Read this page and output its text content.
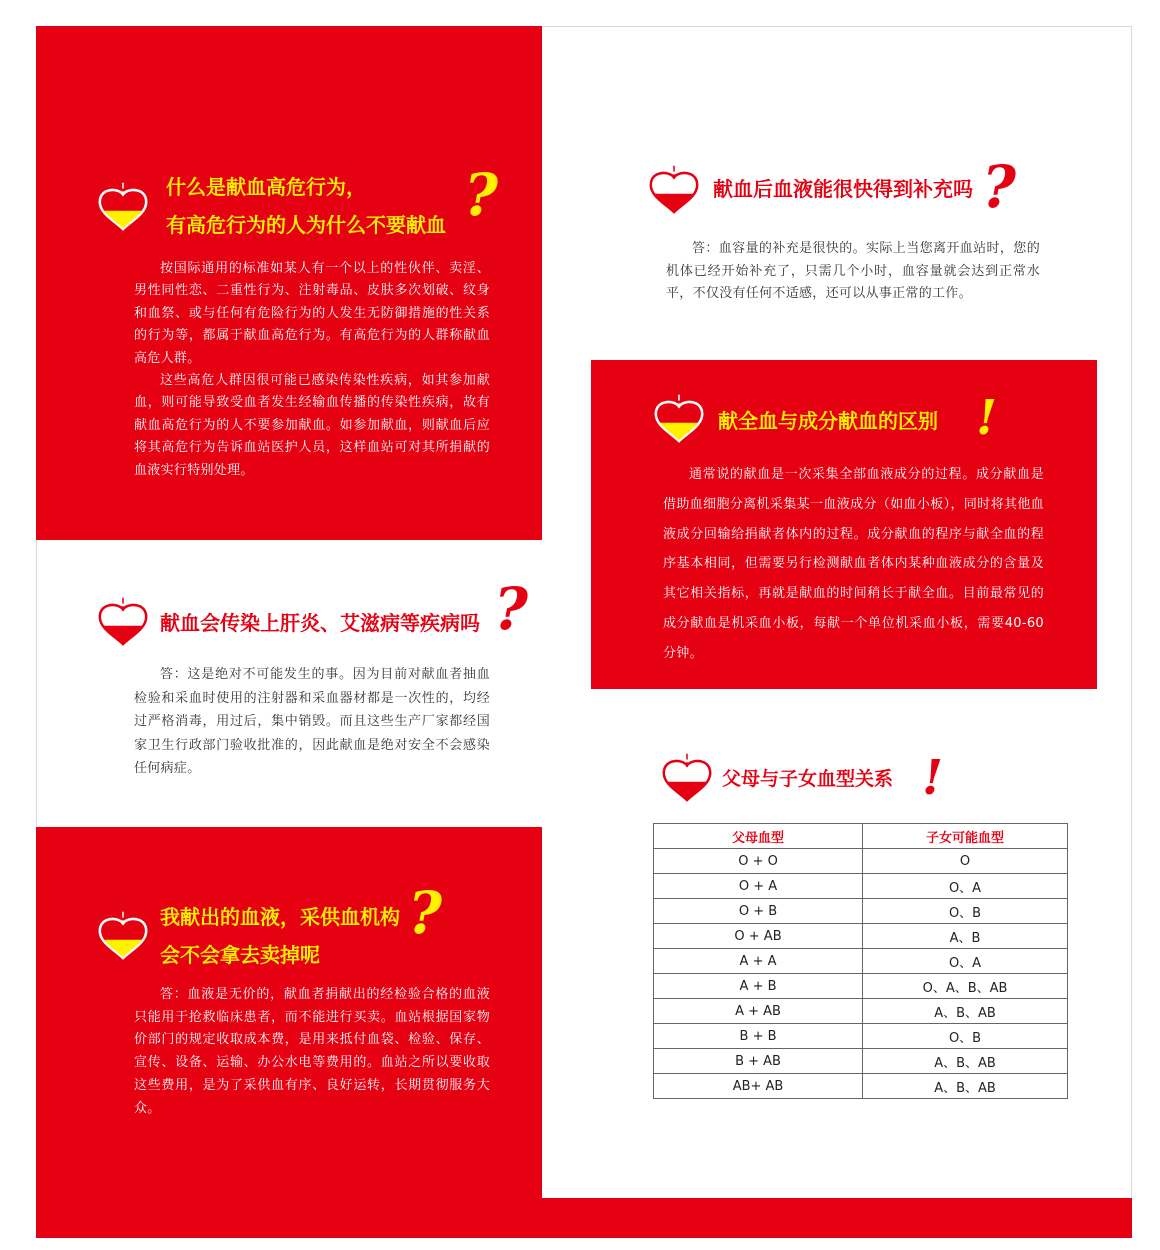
什么是献血高危行为，
有高危行为的人为什么不要献血 ?

按国际通用的标准如某人有一个以上的性伙伴、卖淫、男性同性恋、二重性行为、注射毒品、皮肤多次划破、纹身和血祭、或与任何有危险行为的人发生无防御措施的性关系的行为等，都属于献血高危行为。有高危行为的人群称献血高危人群。

这些高危人群因很可能已感染传染性疾病，如其参加献血，则可能导致受血者发生经输血传播的传染性疾病，故有献血高危行为的人不要参加献血。如参加献血，则献血后应将其高危行为告诉血站医护人员，这样血站可对其所捐献的血液实行特别处理。

献血会传染上肝炎、艾滋病等疾病吗 ?

答：这是绝对不可能发生的事。因为目前对献血者抽血检验和采血时使用的注射器和采血器材都是一次性的，均经过严格消毒，用过后，集中销毁。而且这些生产厂家都经国家卫生行政部门验收批准的，因此献血是绝对安全不会感染任何病症。

我献出的血液，采供血机构
会不会拿去卖掉呢
?

答：血液是无价的，献血者捐献出的经检验合格的血液只能用于抢救临床患者，而不能进行买卖。血站根据国家物价部门的规定收取成本费，是用来抵付血袋、检验、保存、宣传、设备、运输、办公水电等费用的。血站之所以要收取这些费用，是为了采供血有序、良好运转，长期贯彻服务大众。

献血后血液能很快得到补充吗 ?

答：血容量的补充是很快的。实际上当您离开血站时，您的机体已经开始补充了，只需几个小时，血容量就会达到正常水平，不仅没有任何不适感，还可以从事正常的工作。

献全血与成分献血的区别 !

通常说的献血是一次采集全部血液成分的过程。成分献血是借助血细胞分离机采集某一血液成分（如血小板），同时将其他血液成分回输给捐献者体内的过程。成分献血的程序与献全血的程序基本相同，但需要另行检测献血者体内某种血液成分的含量及其它相关指标，再就是献血的时间稍长于献全血。目前最常见的成分献血是机采血小板，每献一个单位机采血小板，需要40-60分钟。

父母与子女血型关系 !
父母血型	子女可能血型
O + O	O
O + A	O、A
O + B	O、B
O + AB	A、B
A + A	O、A
A + B	O、A、B、AB
A + AB	A、B、AB
B + B	O、B
B + AB	A、B、AB
AB+ AB	A、B、AB
